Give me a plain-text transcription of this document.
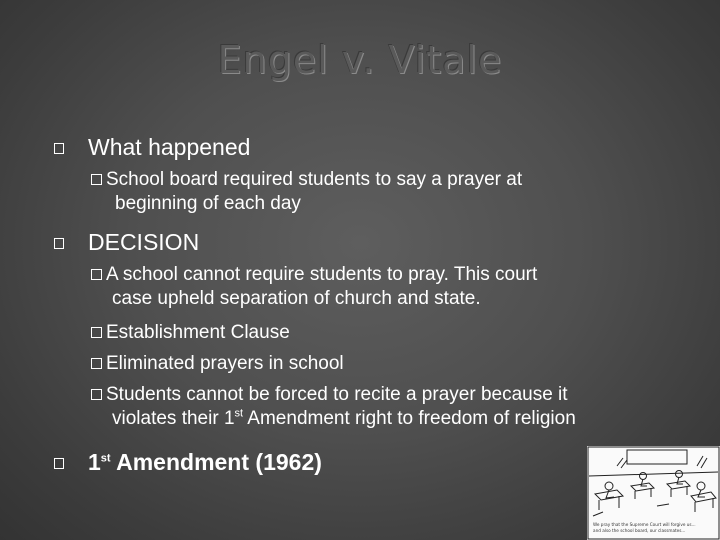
Engel v. Vitale
What happened
School board required students to say a prayer at
beginning of each day
DECISION
A school cannot require students to pray. This court
case upheld separation of church and state.
Establishment Clause
Eliminated prayers in school
Students cannot be forced to recite a prayer because it
violates their 1st Amendment right to freedom of religion
1st Amendment (1962)
We pray that the Supreme Court will forgive us...
and also the school board, our classmates...
